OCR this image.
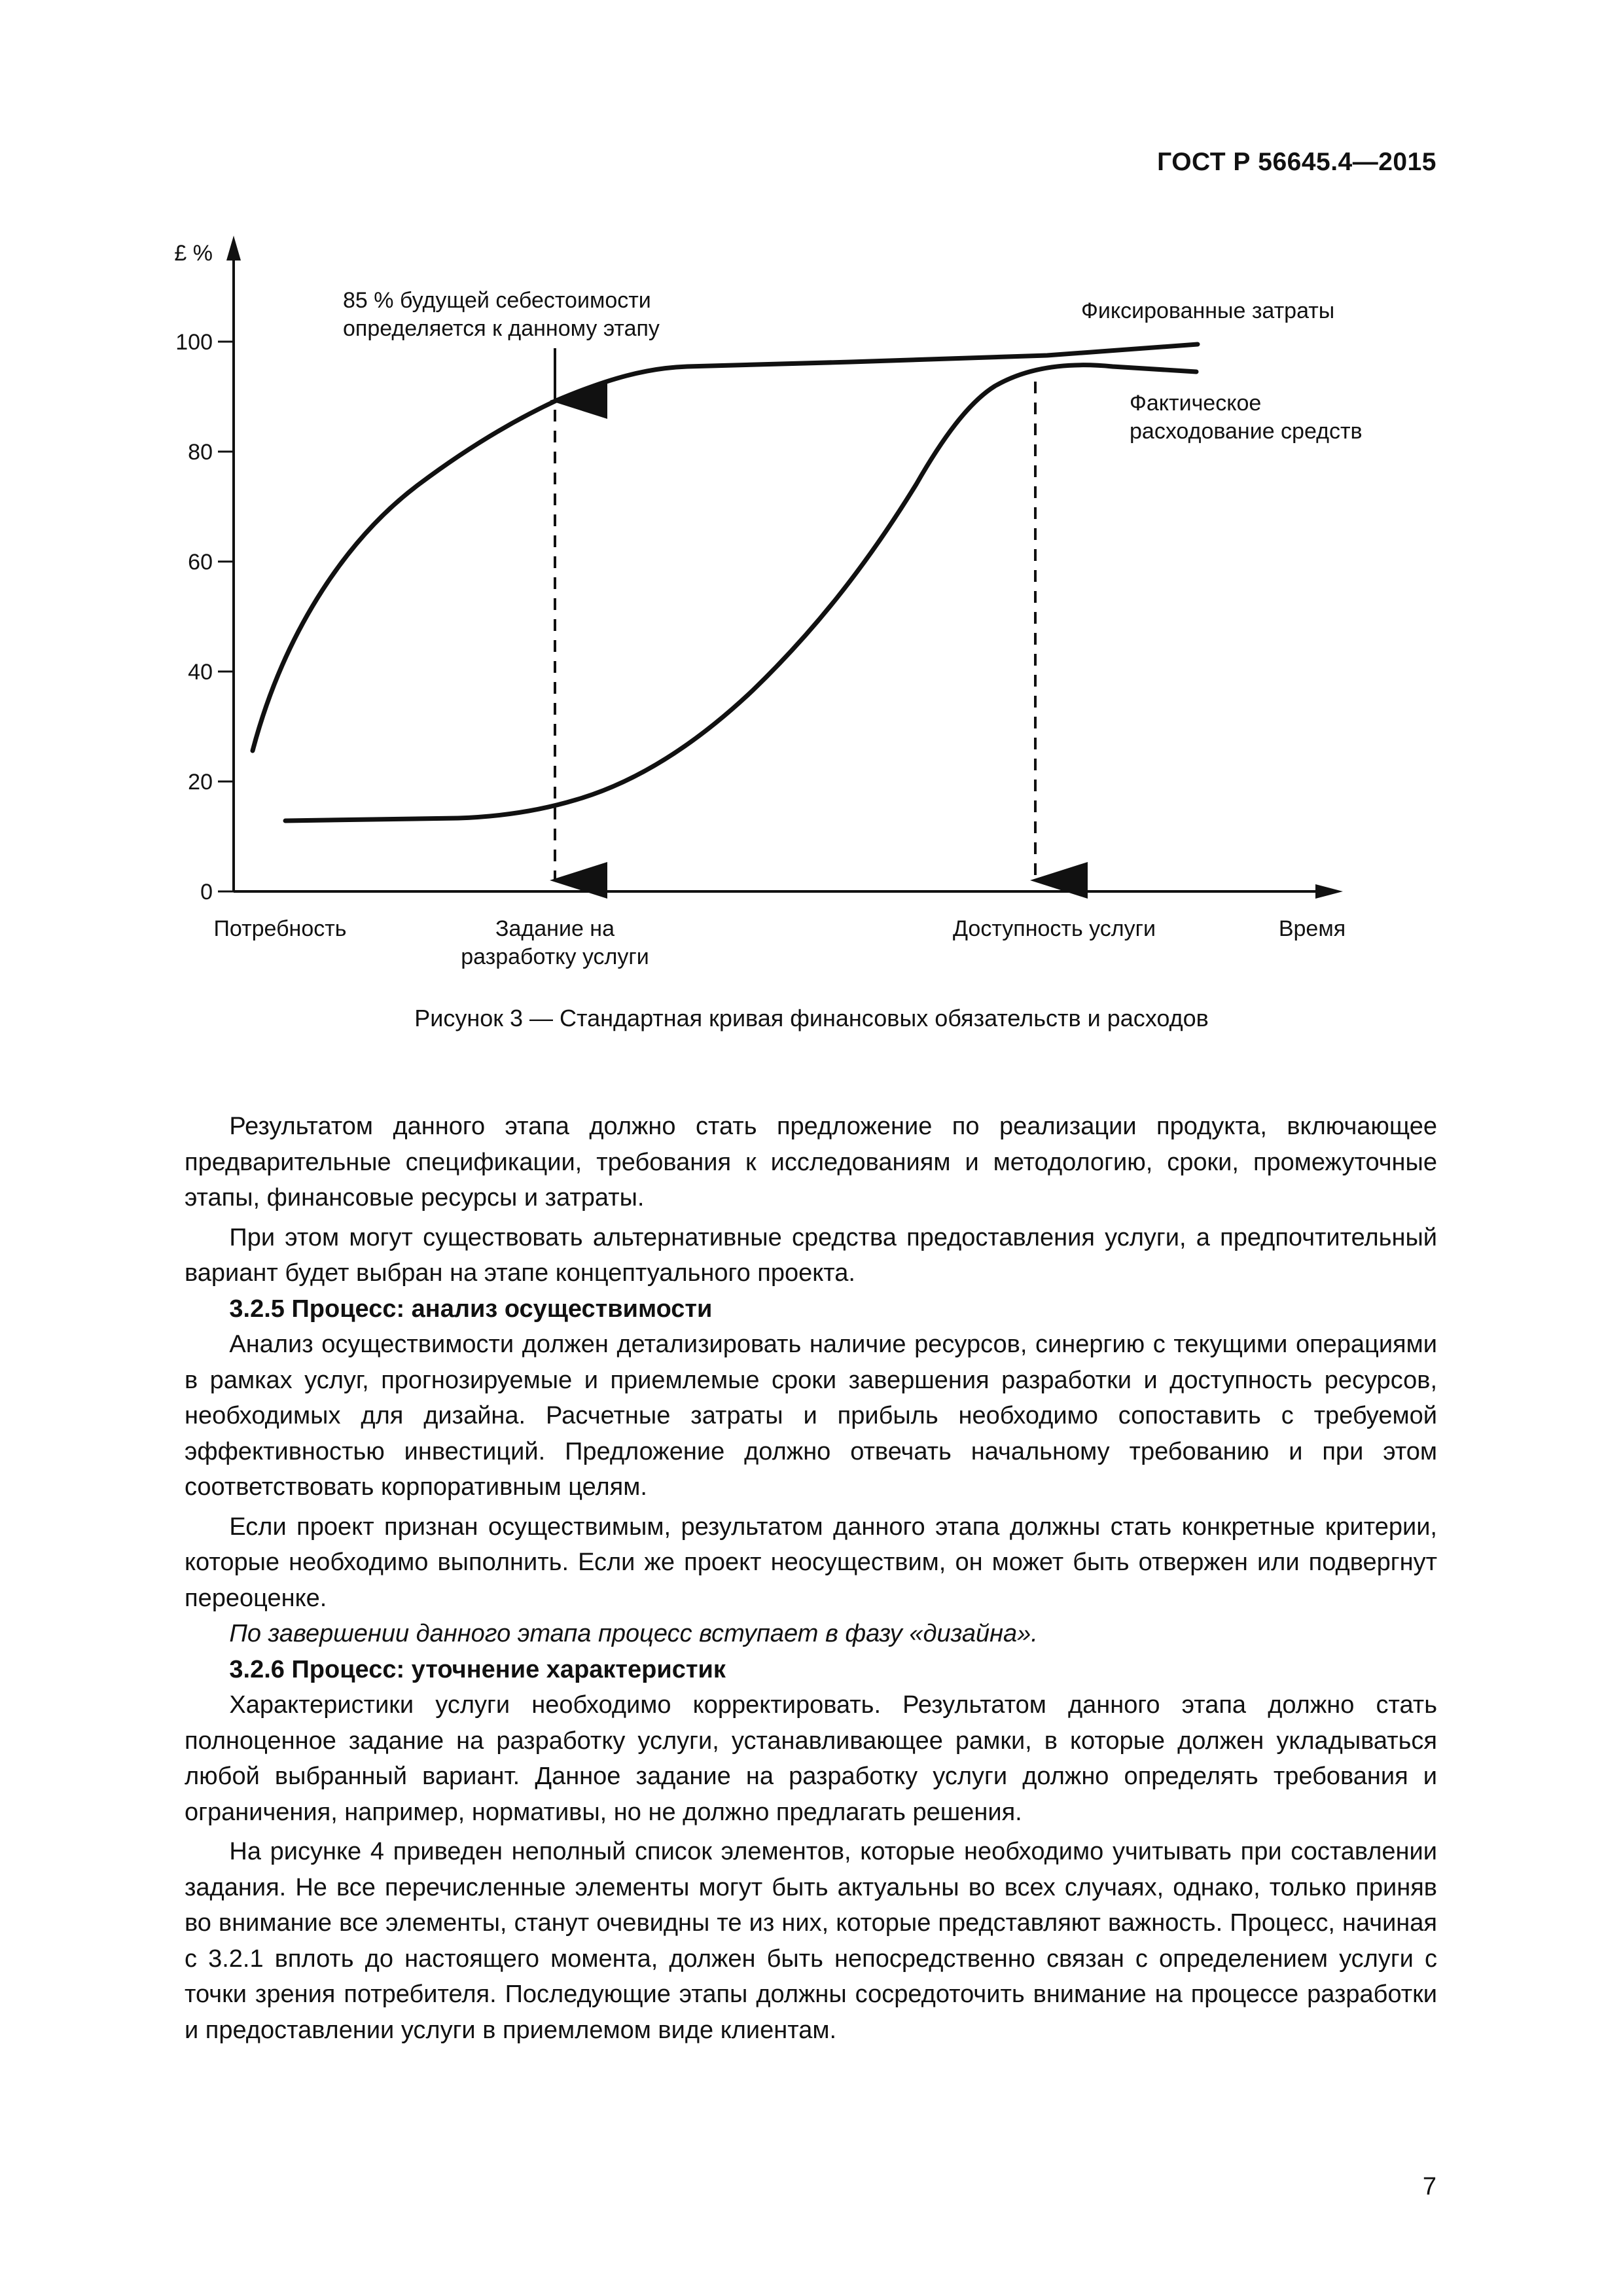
ГОСТ Р 56645.4—2015
£ %
100
80
60
40
20
0
85 % будущей себестоимости
определяется к данному этапу
Фиксированные затраты
Фактическое
расходование средств
Потребность	Задание на
разработку услуги
Доступность услуги	Время
Рисунок 3 — Стандартная кривая финансовых обязательств и расходов

Результатом данного этапа должно стать предложение по реализации продукта, включающее предварительные спецификации, требования к исследованиям и методологию, сроки, промежуточные этапы, финансовые ресурсы и затраты.

При этом могут существовать альтернативные средства предоставления услуги, а предпочтительный вариант будет выбран на этапе концептуального проекта.

3.2.5 Процесс: анализ осуществимости

Анализ осуществимости должен детализировать наличие ресурсов, синергию с текущими операциями в рамках услуг, прогнозируемые и приемлемые сроки завершения разработки и доступность ресурсов, необходимых для дизайна. Расчетные затраты и прибыль необходимо сопоставить с требуемой эффективностью инвестиций. Предложение должно отвечать начальному требованию и при этом соответствовать корпоративным целям.

Если проект признан осуществимым, результатом данного этапа должны стать конкретные критерии, которые необходимо выполнить. Если же проект неосуществим, он может быть отвержен или подвергнут переоценке.

По завершении данного этапа процесс вступает в фазу «дизайна».

3.2.6 Процесс: уточнение характеристик

Характеристики услуги необходимо корректировать. Результатом данного этапа должно стать полноценное задание на разработку услуги, устанавливающее рамки, в которые должен укладываться любой выбранный вариант. Данное задание на разработку услуги должно определять требования и ограничения, например, нормативы, но не должно предлагать решения.

На рисунке 4 приведен неполный список элементов, которые необходимо учитывать при составлении задания. Не все перечисленные элементы могут быть актуальны во всех случаях, однако, только приняв во внимание все элементы, станут очевидны те из них, которые представляют важность. Процесс, начиная с 3.2.1 вплоть до настоящего момента, должен быть непосредственно связан с определением услуги с точки зрения потребителя. Последующие этапы должны сосредоточить внимание на процессе разработки и предоставлении услуги в приемлемом виде клиентам.

7
